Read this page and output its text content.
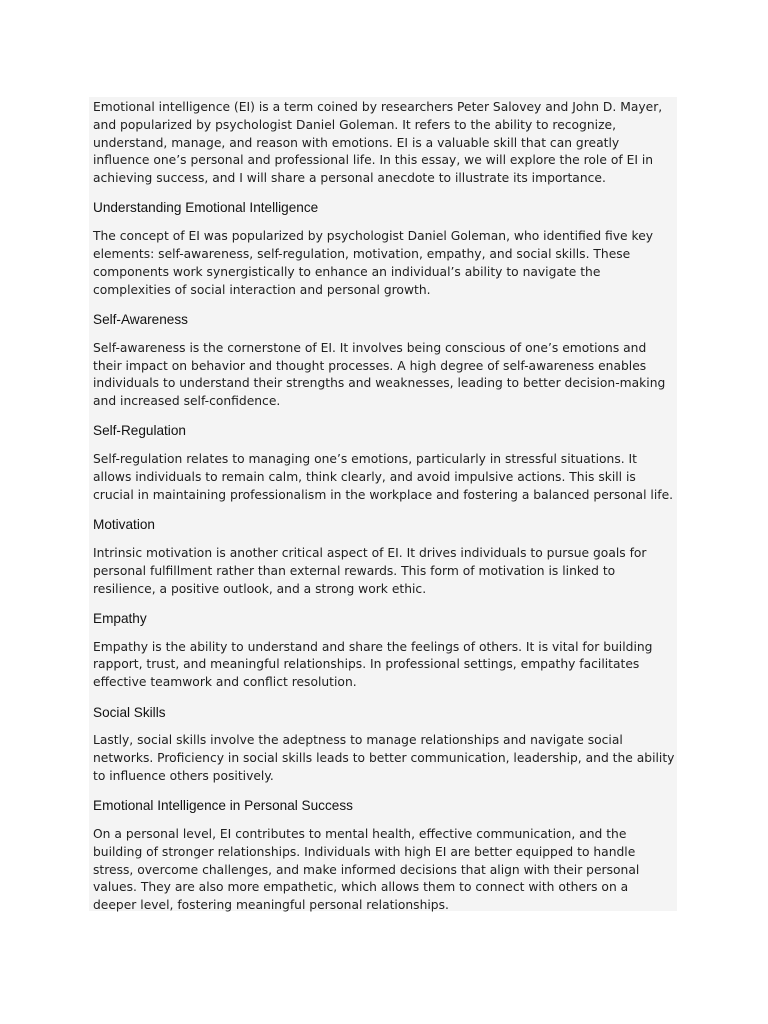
Emotional intelligence (EI) is a term coined by researchers Peter Salovey and John D. Mayer, and popularized by psychologist Daniel Goleman. It refers to the ability to recognize, understand, manage, and reason with emotions. EI is a valuable skill that can greatly influence one’s personal and professional life. In this essay, we will explore the role of EI in achieving success, and I will share a personal anecdote to illustrate its importance.

Understanding Emotional Intelligence

The concept of EI was popularized by psychologist Daniel Goleman, who identified five key elements: self-awareness, self-regulation, motivation, empathy, and social skills. These components work synergistically to enhance an individual’s ability to navigate the complexities of social interaction and personal growth.

Self-Awareness

Self-awareness is the cornerstone of EI. It involves being conscious of one’s emotions and their impact on behavior and thought processes. A high degree of self-awareness enables individuals to understand their strengths and weaknesses, leading to better decision-making and increased self-confidence.

Self-Regulation

Self-regulation relates to managing one’s emotions, particularly in stressful situations. It allows individuals to remain calm, think clearly, and avoid impulsive actions. This skill is crucial in maintaining professionalism in the workplace and fostering a balanced personal life.

Motivation

Intrinsic motivation is another critical aspect of EI. It drives individuals to pursue goals for personal fulfillment rather than external rewards. This form of motivation is linked to resilience, a positive outlook, and a strong work ethic.

Empathy

Empathy is the ability to understand and share the feelings of others. It is vital for building rapport, trust, and meaningful relationships. In professional settings, empathy facilitates effective teamwork and conflict resolution.

Social Skills

Lastly, social skills involve the adeptness to manage relationships and navigate social networks. Proficiency in social skills leads to better communication, leadership, and the ability to influence others positively.

Emotional Intelligence in Personal Success

On a personal level, EI contributes to mental health, effective communication, and the building of stronger relationships. Individuals with high EI are better equipped to handle stress, overcome challenges, and make informed decisions that align with their personal values. They are also more empathetic, which allows them to connect with others on a deeper level, fostering meaningful personal relationships.
